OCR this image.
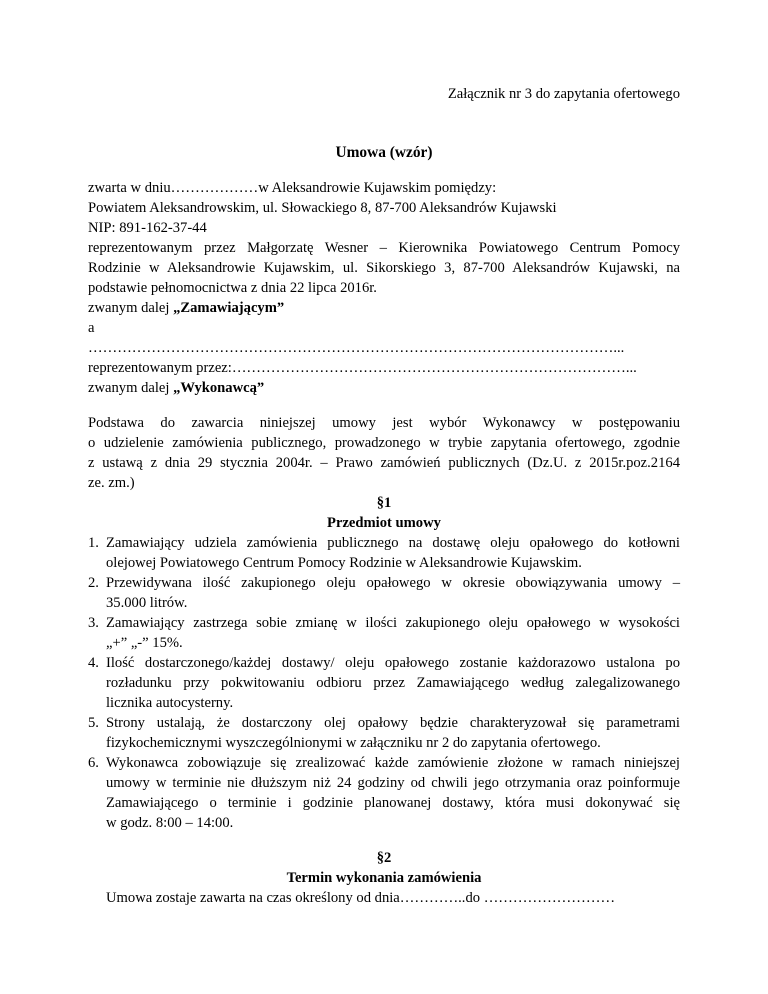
Załącznik nr 3 do zapytania ofertowego
Umowa (wzór)
zwarta w dniu………………w Aleksandrowie Kujawskim pomiędzy:
Powiatem Aleksandrowskim, ul. Słowackiego 8, 87-700 Aleksandrów Kujawski
NIP: 891-162-37-44
reprezentowanym przez Małgorzatę Wesner – Kierownika Powiatowego Centrum Pomocy
Rodzinie w Aleksandrowie Kujawskim, ul. Sikorskiego 3, 87-700 Aleksandrów Kujawski, na
podstawie pełnomocnictwa z dnia 22 lipca 2016r.
zwanym dalej „Zamawiającym”
a
………………………………………………………………………………………………...
reprezentowanym przez:………………………………………………………………………...
zwanym dalej „Wykonawcą”
Podstawa do zawarcia niniejszej umowy jest wybór Wykonawcy w postępowaniu
o udzielenie zamówienia publicznego, prowadzonego w trybie zapytania ofertowego, zgodnie
z ustawą z dnia 29 stycznia 2004r. – Prawo zamówień publicznych (Dz.U. z 2015r.poz.2164
ze. zm.)
§1
Przedmiot umowy
1. Zamawiający udziela zamówienia publicznego na dostawę oleju opałowego do kotłowni
olejowej Powiatowego Centrum Pomocy Rodzinie w Aleksandrowie Kujawskim.
2. Przewidywana ilość zakupionego oleju opałowego w okresie obowiązywania umowy –
35.000 litrów.
3. Zamawiający zastrzega sobie zmianę w ilości zakupionego oleju opałowego w wysokości
„+” „-” 15%.
4. Ilość dostarczonego/każdej dostawy/ oleju opałowego zostanie każdorazowo ustalona po
rozładunku przy pokwitowaniu odbioru przez Zamawiającego według zalegalizowanego
licznika autocysterny.
5. Strony ustalają, że dostarczony olej opałowy będzie charakteryzował się parametrami
fizykochemicznymi wyszczególnionymi w załączniku nr 2 do zapytania ofertowego.
6. Wykonawca zobowiązuje się zrealizować każde zamówienie złożone w ramach niniejszej
umowy w terminie nie dłuższym niż 24 godziny od chwili jego otrzymania oraz poinformuje
Zamawiającego o terminie i godzinie planowanej dostawy, która musi dokonywać się
w godz. 8:00 – 14:00.
§2
Termin wykonania zamówienia
Umowa zostaje zawarta na czas określony od dnia…………..do ………………………
